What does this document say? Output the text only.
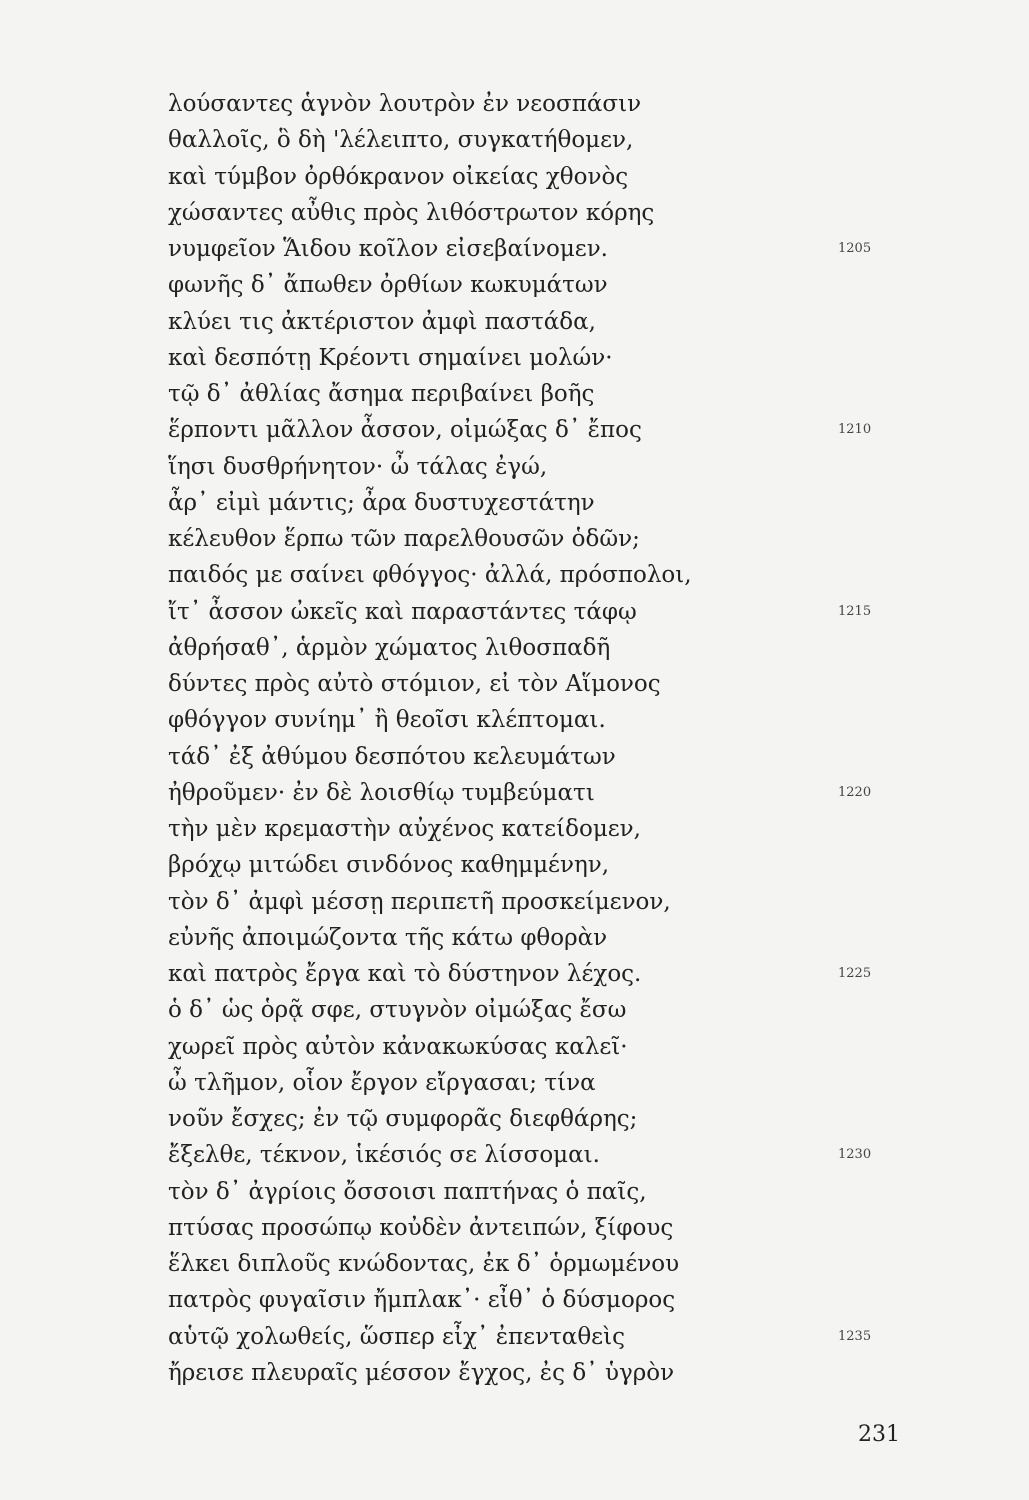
λούσαντες ἁγνὸν λουτρὸν ἐν νεοσπάσιν
θαλλοῖς, ὃ δὴ 'λέλειπτο, συγκατήθομεν,
καὶ τύμβον ὀρθόκρανον οἰκείας χθονὸς
χώσαντες αὖθις πρὸς λιθόστρωτον κόρης
νυμφεῖον Ἅιδου κοῖλον εἰσεβαίνομεν.	1205
φωνῆς δ᾽ ἄπωθεν ὀρθίων κωκυμάτων
κλύει τις ἀκτέριστον ἀμφὶ παστάδα,
καὶ δεσπότῃ Κρέοντι σημαίνει μολών·
τῷ δ᾽ ἀθλίας ἄσημα περιβαίνει βοῆς
ἕρποντι μᾶλλον ἆσσον, οἰμώξας δ᾽ ἔπος	1210
ἵησι δυσθρήνητον· ὦ τάλας ἐγώ,
ἆρ᾽ εἰμὶ μάντις; ἆρα δυστυχεστάτην
κέλευθον ἕρπω τῶν παρελθουσῶν ὁδῶν;
παιδός με σαίνει φθόγγος· ἀλλά, πρόσπολοι,
ἴτ᾽ ἆσσον ὠκεῖς καὶ παραστάντες τάφῳ	1215
ἀθρήσαθ᾽, ἁρμὸν χώματος λιθοσπαδῆ
δύντες πρὸς αὐτὸ στόμιον, εἰ τὸν Αἵμονος
φθόγγον συνίημ᾽ ἢ θεοῖσι κλέπτομαι.
τάδ᾽ ἐξ ἀθύμου δεσπότου κελευμάτων
ἠθροῦμεν· ἐν δὲ λοισθίῳ τυμβεύματι	1220
τὴν μὲν κρεμαστὴν αὐχένος κατείδομεν,
βρόχῳ μιτώδει σινδόνος καθημμένην,
τὸν δ᾽ ἀμφὶ μέσσῃ περιπετῆ προσκείμενον,
εὐνῆς ἀποιμώζοντα τῆς κάτω φθορὰν
καὶ πατρὸς ἔργα καὶ τὸ δύστηνον λέχος.	1225
ὁ δ᾽ ὡς ὁρᾷ σφε, στυγνὸν οἰμώξας ἔσω
χωρεῖ πρὸς αὐτὸν κἀνακωκύσας καλεῖ·
ὦ τλῆμον, οἷον ἔργον εἴργασαι; τίνα
νοῦν ἔσχες; ἐν τῷ συμφορᾶς διεφθάρης;
ἔξελθε, τέκνον, ἱκέσιός σε λίσσομαι.	1230
τὸν δ᾽ ἀγρίοις ὄσσοισι παπτήνας ὁ παῖς,
πτύσας προσώπῳ κοὐδὲν ἀντειπών, ξίφους
ἕλκει διπλοῦς κνώδοντας, ἐκ δ᾽ ὁρμωμένου
πατρὸς φυγαῖσιν ἤμπλακ᾽· εἶθ᾽ ὁ δύσμορος
αὑτῷ χολωθείς, ὥσπερ εἶχ᾽ ἐπενταθεὶς	1235
ἤρεισε πλευραῖς μέσσον ἔγχος, ἐς δ᾽ ὑγρὸν
231
